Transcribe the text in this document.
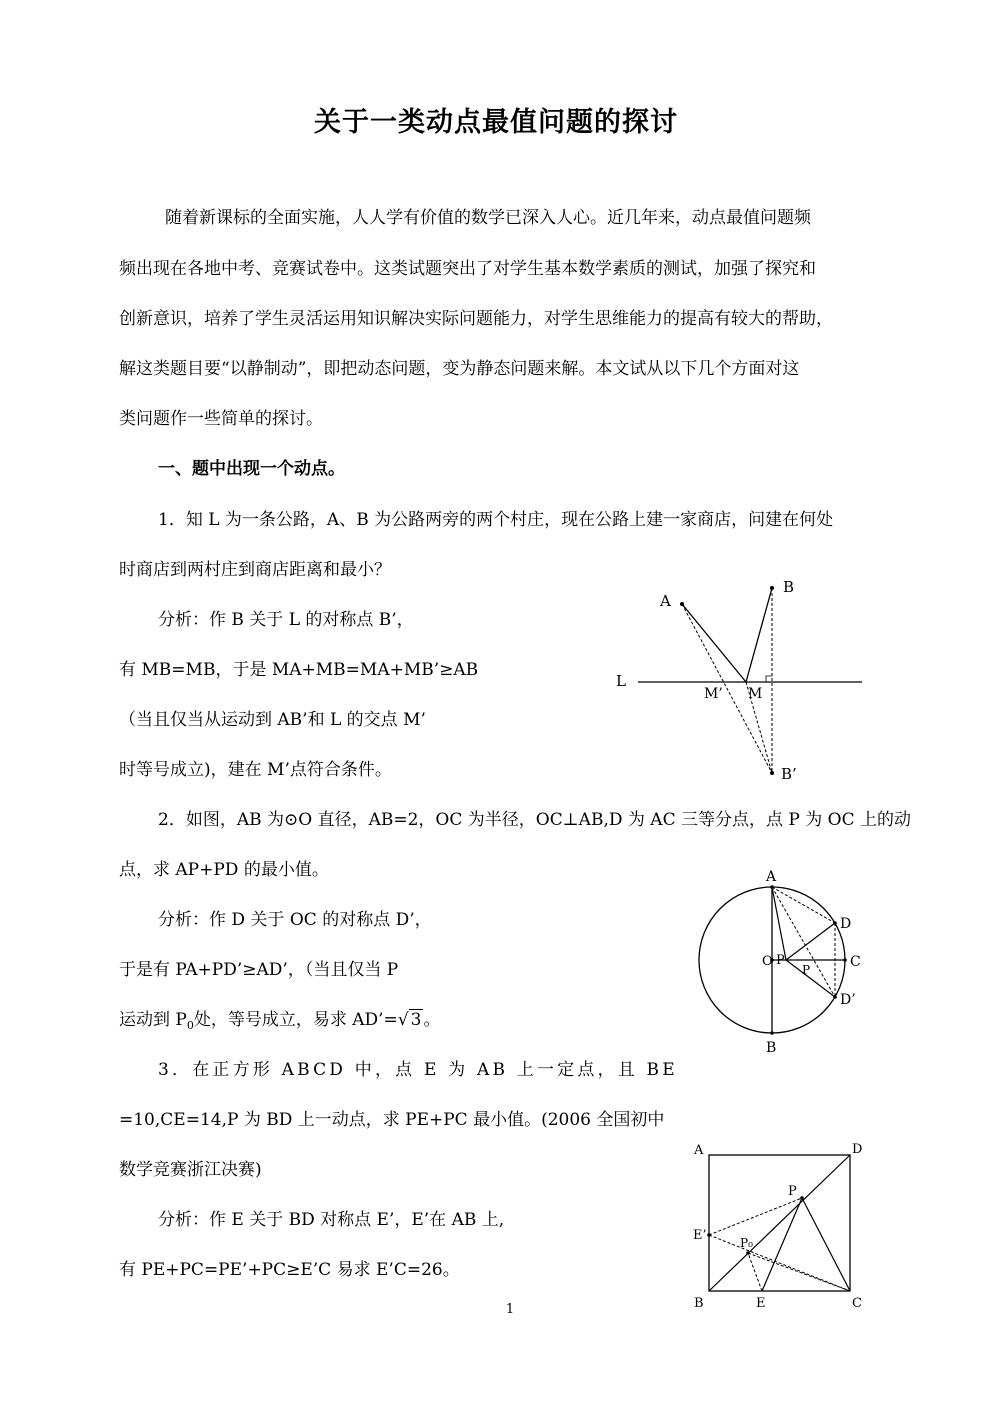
关于一类动点最值问题的探讨
随着新课标的全面实施，人人学有价值的数学已深入人心。近几年来，动点最值问题频
频出现在各地中考、竞赛试卷中。这类试题突出了对学生基本数学素质的测试，加强了探究和
创新意识，培养了学生灵活运用知识解决实际问题能力，对学生思维能力的提高有较大的帮助，
解这类题目要“以静制动”，即把动态问题，变为静态问题来解。本文试从以下几个方面对这
类问题作一些简单的探讨。
一、题中出现一个动点。
1．知 L 为一条公路，A、B 为公路两旁的两个村庄，现在公路上建一家商店，问建在何处
时商店到两村庄到商店距离和最小？
分析：作 B 关于 L 的对称点 B’，
有 MB=MB，于是 MA+MB=MA+MB’≥AB
（当且仅当从运动到 AB’和 L 的交点 M’
时等号成立)，建在 M’点符合条件。
A
B
L
M’ M
B’
2．如图，AB 为⊙O 直径，AB=2，OC 为半径，OC⊥AB,D 为 AC 三等分点，点 P 为 OC 上的动
点，求 AP+PD 的最小值。
分析：作 D 关于 OC 的对称点 D’，
于是有 PA+PD’≥AD’，（当且仅当 P
运动到 $P_0$处，等号成立，易求 AD’=√ 3 。
A
D
O P
P	C
D’
B
3．在正方形 ABCD 中，点 E 为 AB 上一定点，且 BE
=10,CE=14,P 为 BD 上一动点，求 PE+PC 最小值。(2006 全国初中
数学竞赛浙江决赛)
分析：作 E 关于 BD 对称点 E’，E’在 AB 上,
有 PE+PC=PE’+PC≥E’C 易求 E’C=26。
A	D
P
E’	P₀
B	E	C
1
